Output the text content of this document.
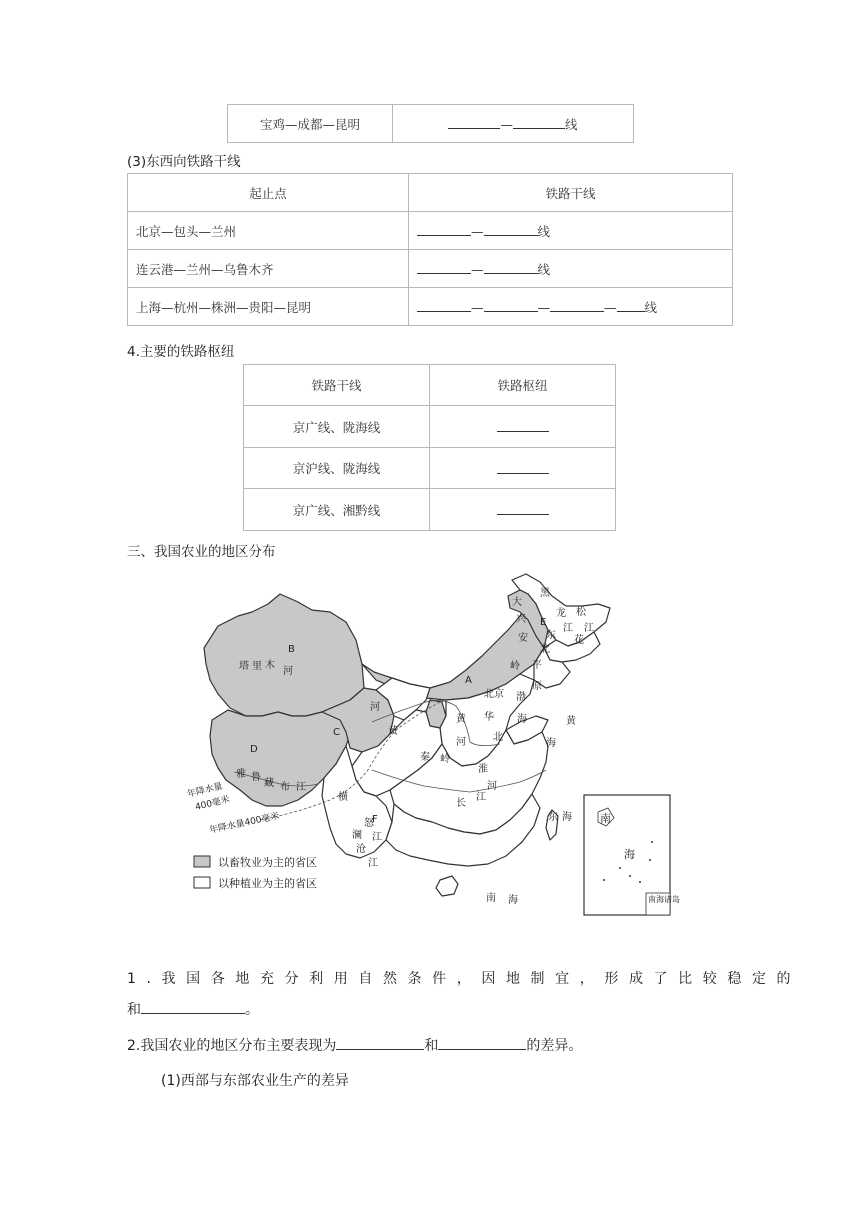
宝鸡—成都—昆明	—	线
(3)东西向铁路干线
起止点	铁路干线
北京—包头—兰州	— 线
连云港—兰州—乌鲁木齐	— 线
上海—杭州—株洲—贵阳—昆明	— — — 线
4.主要的铁路枢纽
铁路干线	铁路枢纽
京广线、陇海线	
京沪线、陇海线	
京广线、湘黔线	
三、我国农业的地区分布
B
A
C
D
E
F
大
兴
安
岭
黑
龙
江
松
花
江
东
北
平
原
塔 里 木
河
雅 鲁
藏 布 江
黄
河
黄
河
秦 岭
北京
华
北
渤
海	黄
海
淮
河
长
江
东 海
南 海
横
澜
沧
江
怒
江
南
海
南海诸岛
年降水量
400毫米
年降水量400毫米
以畜牧业为主的省区
以种植业为主的省区
1.我国各地充分利用自然条件，因地制宜，形成了比较稳定的
和	。
2.我国农业的地区分布主要表现为	和	的差异。
(1)西部与东部农业生产的差异
